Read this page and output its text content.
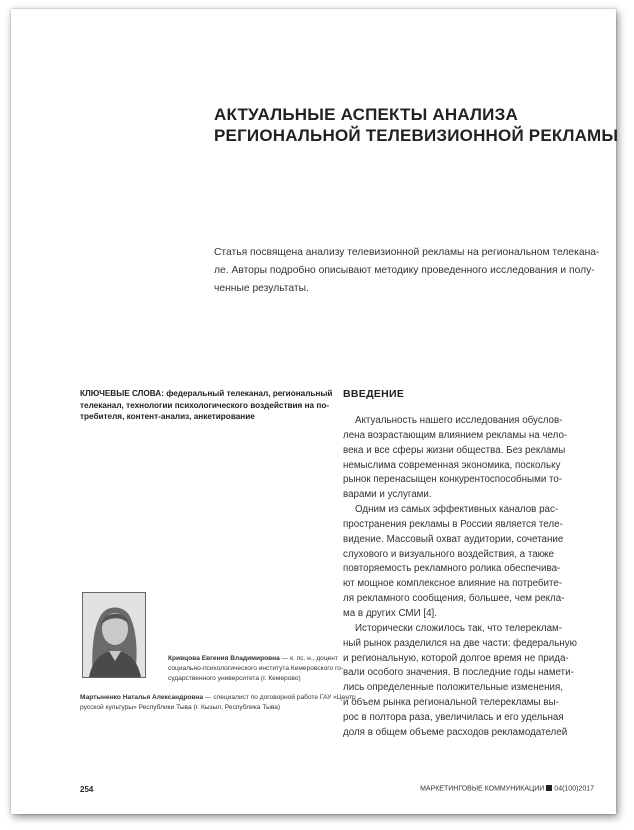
АКТУАЛЬНЫЕ АСПЕКТЫ АНАЛИЗА
РЕГИОНАЛЬНОЙ ТЕЛЕВИЗИОННОЙ РЕКЛАМЫ
Статья посвящена анализу телевизионной рекламы на региональном телекана-
ле. Авторы подробно описывают методику проведенного исследования и полу-
ченные результаты.
КЛЮЧЕВЫЕ СЛОВА: федеральный телеканал, региональный
телеканал, технологии психологического воздействия на по-
требителя, контент-анализ, анкетирование
Кривцова Евгения Владимировна — к. пс. н., доцент
социально-психологического института Кемеровского го-
сударственного университета (г. Кемерово)
Мартыненко Наталья Александровна — специалист по договорной работе ГАУ «Центр
русской культуры» Республики Тыва (г. Кызыл, Республика Тыва)
ВВЕДЕНИЕ
Актуальность нашего исследования обуслов-
лена возрастающим влиянием рекламы на чело-
века и все сферы жизни общества. Без рекламы
немыслима современная экономика, поскольку
рынок перенасыщен конкурентоспособными то-
варами и услугами.
Одним из самых эффективных каналов рас-
пространения рекламы в России является теле-
видение. Массовый охват аудитории, сочетание
слухового и визуального воздействия, а также
повторяемость рекламного ролика обеспечива-
ют мощное комплексное влияние на потребите-
ля рекламного сообщения, большее, чем рекла-
ма в других СМИ [4].
Исторически сложилось так, что телереклам-
ный рынок разделился на две части: федеральную
и региональную, которой долгое время не прида-
вали особого значения. В последние годы намети-
лись определенные положительные изменения,
и объем рынка региональной телерекламы вы-
рос в полтора раза, увеличилась и его удельная
доля в общем объеме расходов рекламодателей
254	МАРКЕТИНГОВЫЕ КОММУНИКАЦИИ 04(100)2017
